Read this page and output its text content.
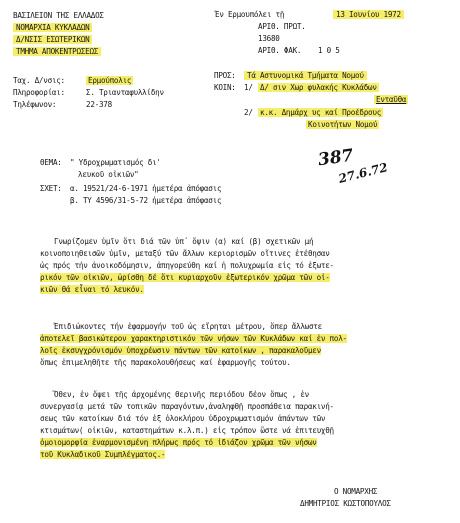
ΒΑΣΙΛΕΙΟΝ ΤΗΣ ΕΛΛΑΔΟΣ
ΝΟΜΑΡΧΙΑ ΚΥΚΛΑΔΩΝ
Δ/ΝΣΙΣ ΕΣΩΤΕΡΙΚΩΝ
ΤΜΗΜΑ ΑΠΟΚΕΝΤΡΩΣΕΩΣ
Ταχ. Δ/νσις:	Ερμούπολις
Πληροφορίαι:	Σ. Τριανταφυλλίδην
Τηλέφωνον:	22-378
Έν Ερμουπόλει τῇ	13 Ιουνίου 1972
ΑΡΙΘ. ΠΡΩΤ.
13680
ΑΡΙΘ. ΦΑΚ. 1 0 5
ΠΡΟΣ:	Τά Αστυνομικά Τμήματα Νομού
ΚΟΙΝ: 1/ Δ/ σιν Χωρ φυλακής Κυκλάδων
Ενταῦθα
2/ κ.κ. Δημάρχ υς καί Προέδρους
Κοινοτήτων Νομού
387
27.6.72
ΘΕΜΑ: " Υδροχρωματισμός δι'
λευκοῦ οἰκιῶν"
ΣΧΕΤ: α. 19521/24-6-1971 ἡμετέρα ἀπόφασις
β. ΤΥ 4596/31-5-72 ἡμετέρα ἀπόφασις
Γνωρίζομεν ὑμῖν ὅτι διά τῶν ὑπ΄ ὄψιν (α) καί (β) σχετικῶν μή
κοινοποιηθεισῶν ὑμῖν, μεταξύ τῶν ἄλλων κεριορισμῶν οἵτινες ἐτέθησαν
ὡς πρός τήν ἀνοικοδόμησιν, ἀπηγορεύθη καί ἡ πολυχρωμία εἰς τό ἐξωτε-
ρικόν τῶν οἰκιῶν, ὡρίσθη δέ ὅτι κυριαρχοῦν ἐξωτερικόν χρῶμα τῶν οἰ-
κιῶν θά εἶναι τό λευκόν.
Ἐπιδιώκοντες τήν ἐφαρμογήν τοῦ ὡς εἴρηται μέτρου, ὅπερ ἄλλωστε
ἀποτελεῖ βασικώτερον χαρακτηριστικόν τῶν νήσων τῶν Κυκλάδων καί ἐν πολ-
λοῖς ἐκσυγχρόνισμόν ὑποχρέωσιν πάντων τῶν κατοίκων , παρακαλοῦμεν
ὅπως ἐπιμεληθῆτε τῆς παρακολουθήσεως καί ἐφαρμογῆς τούτου.
Ὅθεν, ἐν ὄψει τῆς ἀρχομένης θερινῆς περιόδου δέον ὅπως , ἐν
συνεργασίᾳ μετά τῶν τοπικῶν παραγόντων,ἀναληφθῇ προσπάθεια παρακινή-
σεως τῶν κατοίκων διά τόν ἐξ ὁλοκλήρου ὑδροχρωματισμόν ἁπάντων τῶν
κτισμάτων( οἰκιῶν, καταστημάτων κ.λ.π.) εἰς τρόπον ὥστε νά ἐπιτευχθῇ
ὁμοιομορφία ἐναρμονισμένη πλήρως πρός τό ἰδιάζον χρῶμα τῶν νήσων
τοῦ Κυκλαδικοῦ Συμπλέγματος.-
Ο ΝΟΜΑΡΧΗΣ
ΔΗΜΗΤΡΙΟΣ ΚΩΣΤΟΠΟΥΛΟΣ
